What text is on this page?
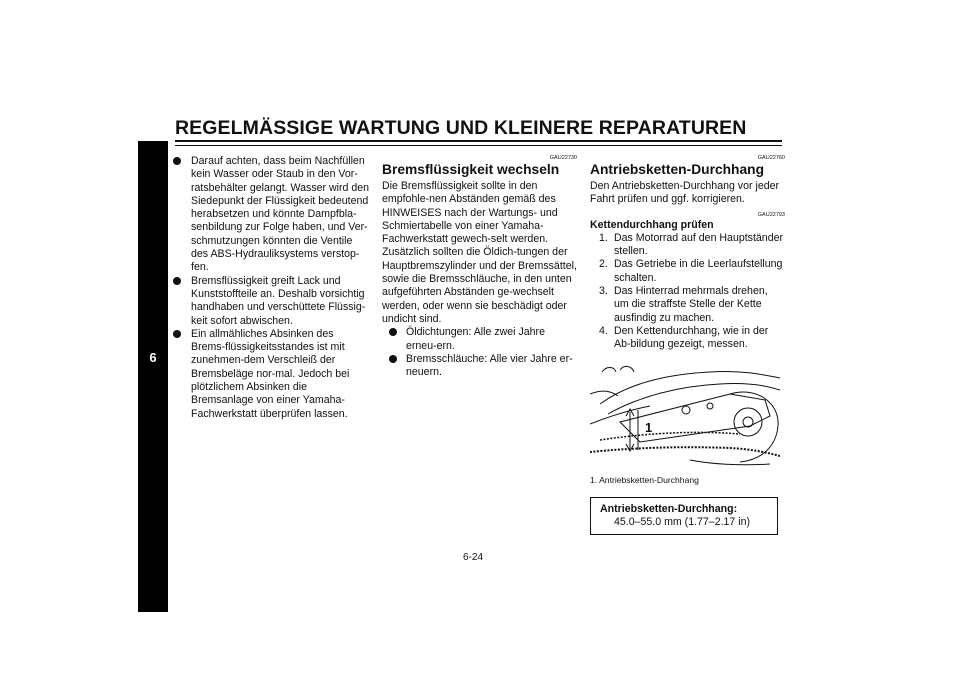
REGELMÄSSIGE WARTUNG UND KLEINERE REPARATUREN
6
Darauf achten, dass beim Nachfüllen kein Wasser oder Staub in den Vor-ratsbehälter gelangt. Wasser wird den Siedepunkt der Flüssigkeit bedeutend herabsetzen und könnte Dampfbla-senbildung zur Folge haben, und Ver-schmutzungen könnten die Ventile des ABS-Hydrauliksystems verstop-fen.
Bremsflüssigkeit greift Lack und Kunststoffteile an. Deshalb vorsichtig handhaben und verschüttete Flüssig-keit sofort abwischen.
Ein allmähliches Absinken des Brems-flüssigkeitsstandes ist mit zunehmen-dem Verschleiß der Bremsbeläge nor-mal. Jedoch bei plötzlichem Absinken die Bremsanlage von einer Yamaha-Fachwerkstatt überprüfen lassen.
GAU22730
Bremsflüssigkeit wechseln
Die Bremsflüssigkeit sollte in den empfohle-nen Abständen gemäß des HINWEISES nach der Wartungs- und Schmiertabelle von einer Yamaha-Fachwerkstatt gewech-selt werden. Zusätzlich sollten die Öldich-tungen der Hauptbremszylinder und der Bremssättel, sowie die Bremsschläuche, in den unten aufgeführten Abständen ge-wechselt werden, oder wenn sie beschädigt oder undicht sind.
Öldichtungen: Alle zwei Jahre erneu-ern.
Bremsschläuche: Alle vier Jahre er-neuern.
GAU22760
Antriebsketten-Durchhang
Den Antriebsketten-Durchhang vor jeder Fahrt prüfen und ggf. korrigieren.
GAU22793
Kettendurchhang prüfen
1. Das Motorrad auf den Hauptständer stellen.
2. Das Getriebe in die Leerlaufstellung schalten.
3. Das Hinterrad mehrmals drehen, um die straffste Stelle der Kette ausfindig zu machen.
4. Den Kettendurchhang, wie in der Ab-bildung gezeigt, messen.
1
1. Antriebsketten-Durchhang
Antriebsketten-Durchhang:
45.0–55.0 mm (1.77–2.17 in)
6-24
